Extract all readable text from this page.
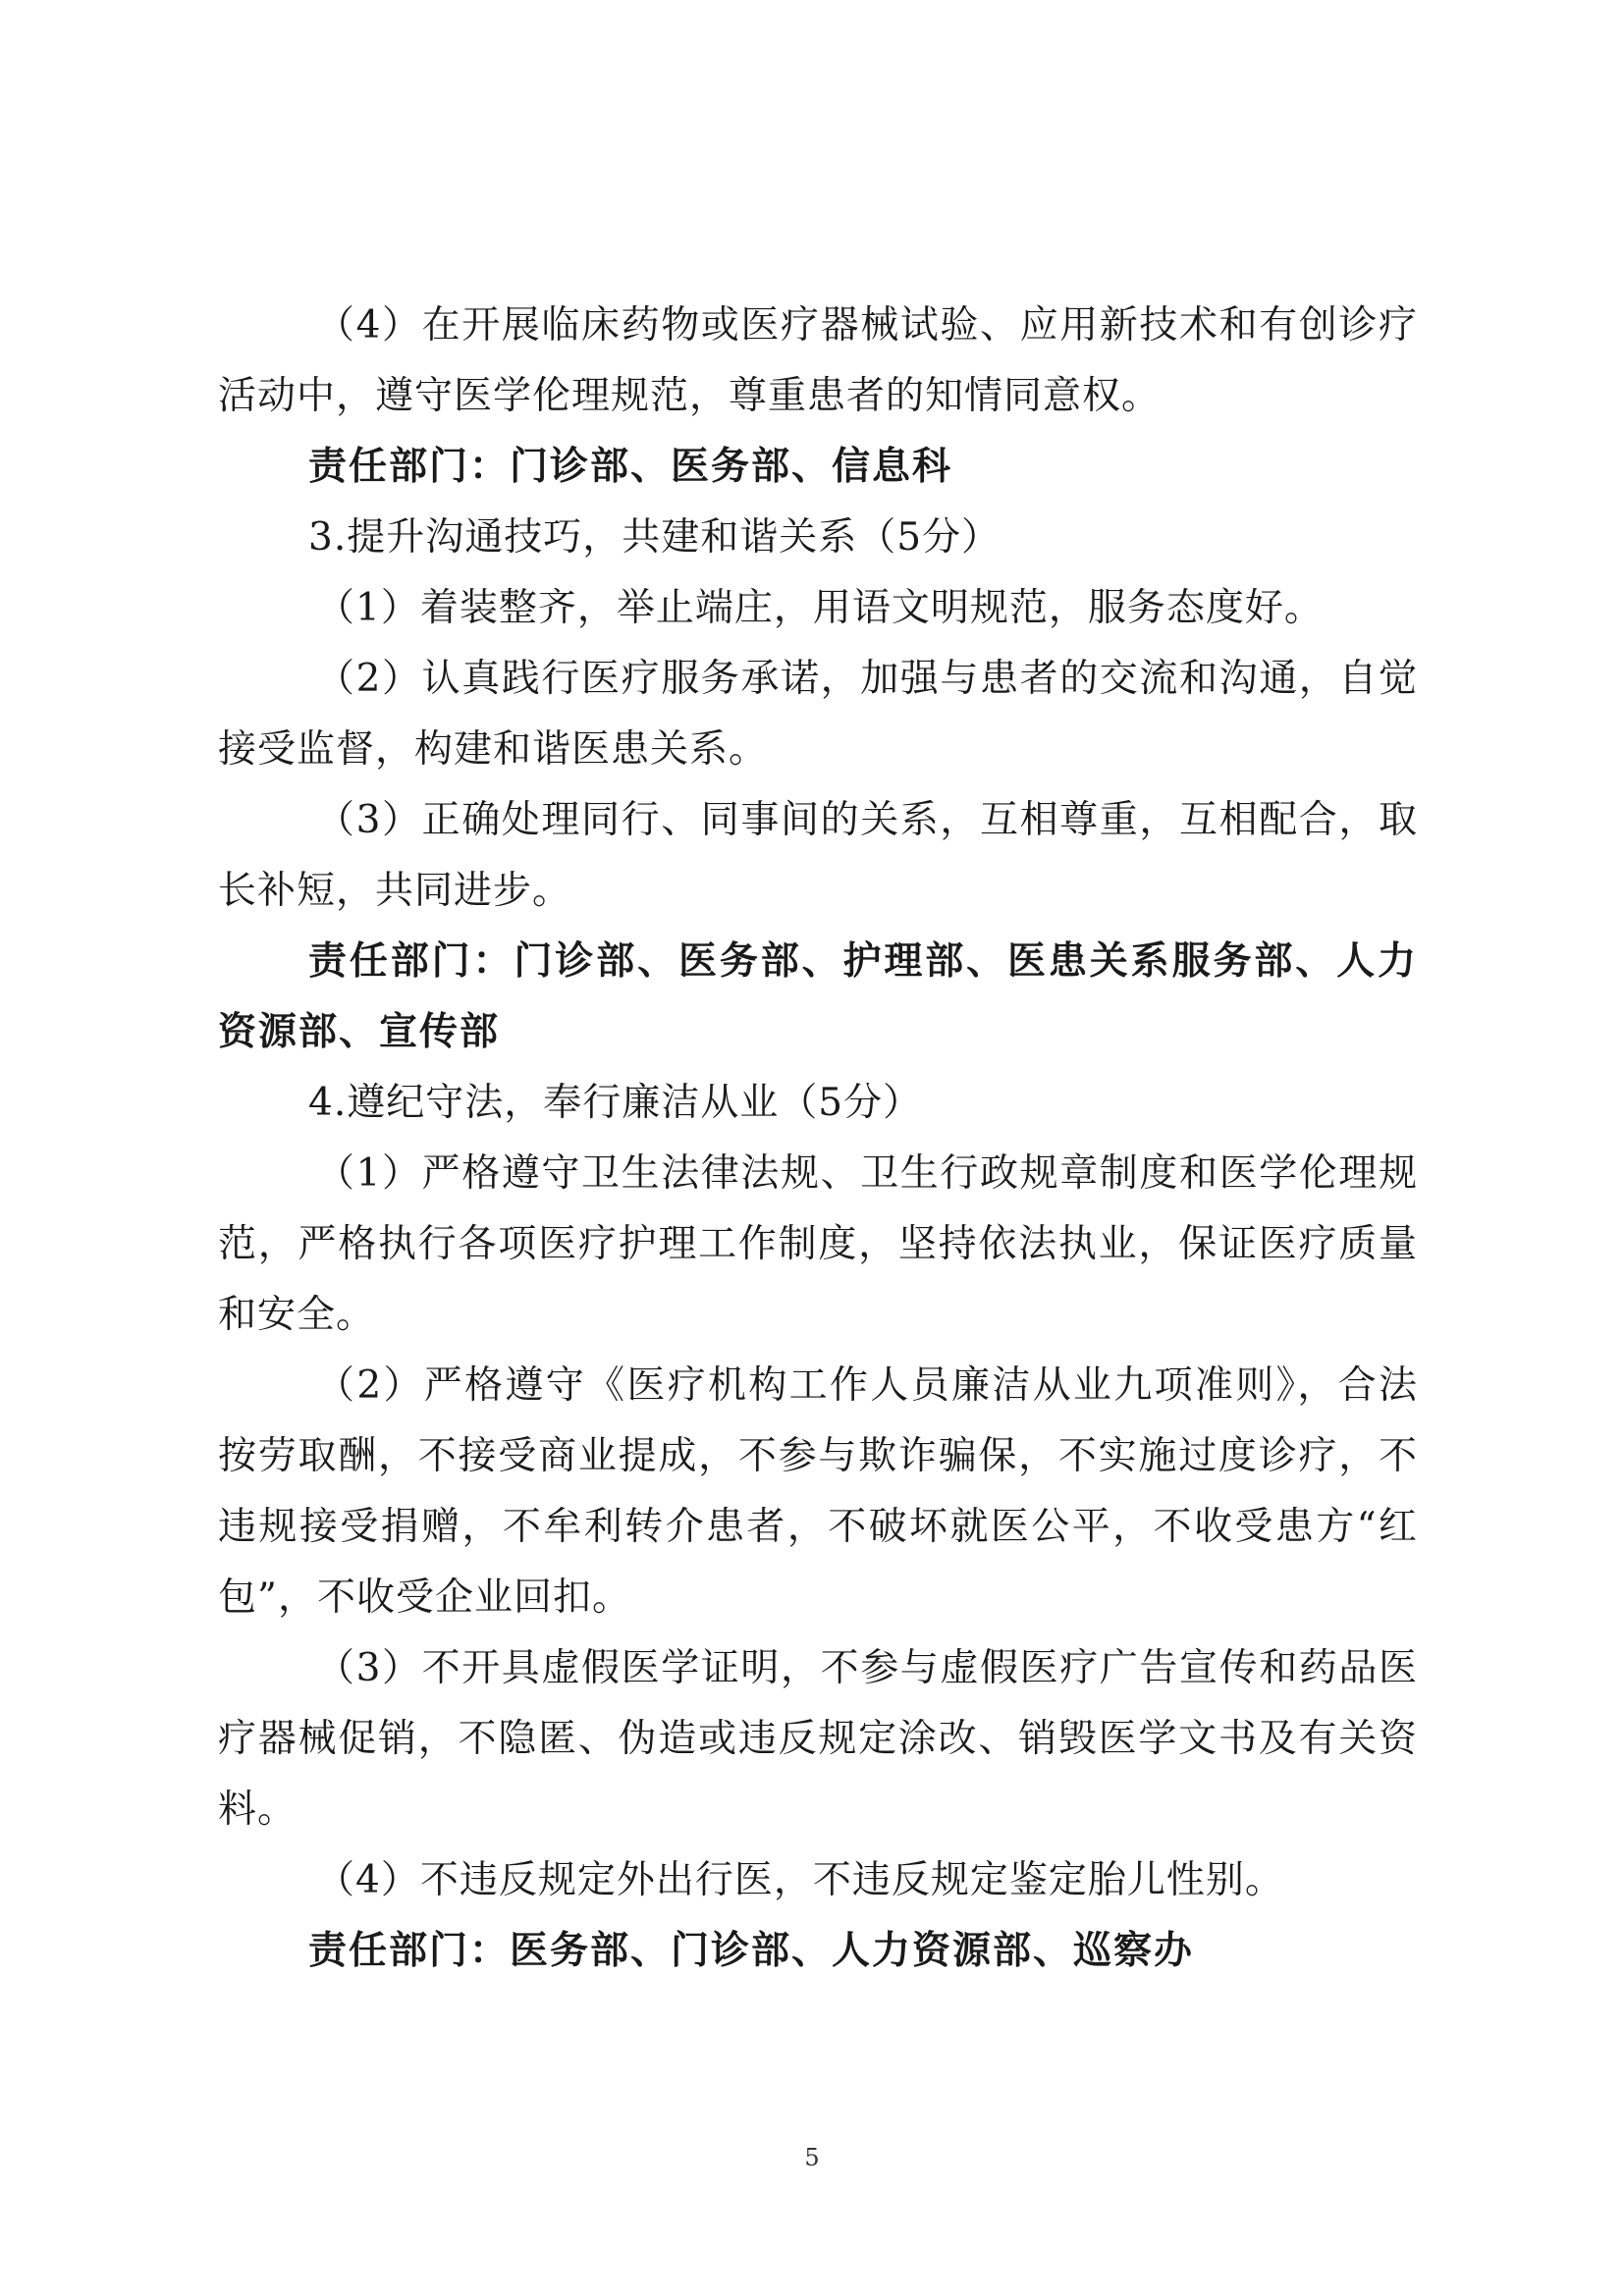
（4）在开展临床药物或医疗器械试验、应用新技术和有创诊疗活动中，遵守医学伦理规范，尊重患者的知情同意权。

责任部门：门诊部、医务部、信息科

3.提升沟通技巧，共建和谐关系（5分）

（1）着装整齐，举止端庄，用语文明规范，服务态度好。

（2）认真践行医疗服务承诺，加强与患者的交流和沟通，自觉接受监督，构建和谐医患关系。

（3）正确处理同行、同事间的关系，互相尊重，互相配合，取长补短，共同进步。

责任部门：门诊部、医务部、护理部、医患关系服务部、人力资源部、宣传部

4.遵纪守法，奉行廉洁从业（5分）

（1）严格遵守卫生法律法规、卫生行政规章制度和医学伦理规范，严格执行各项医疗护理工作制度，坚持依法执业，保证医疗质量和安全。

（2）严格遵守《医疗机构工作人员廉洁从业九项准则》，合法按劳取酬，不接受商业提成，不参与欺诈骗保，不实施过度诊疗，不违规接受捐赠，不牟利转介患者，不破坏就医公平，不收受患方“红包”，不收受企业回扣。

（3）不开具虚假医学证明，不参与虚假医疗广告宣传和药品医疗器械促销，不隐匿、伪造或违反规定涂改、销毁医学文书及有关资料。

（4）不违反规定外出行医，不违反规定鉴定胎儿性别。

责任部门：医务部、门诊部、人力资源部、巡察办

5
